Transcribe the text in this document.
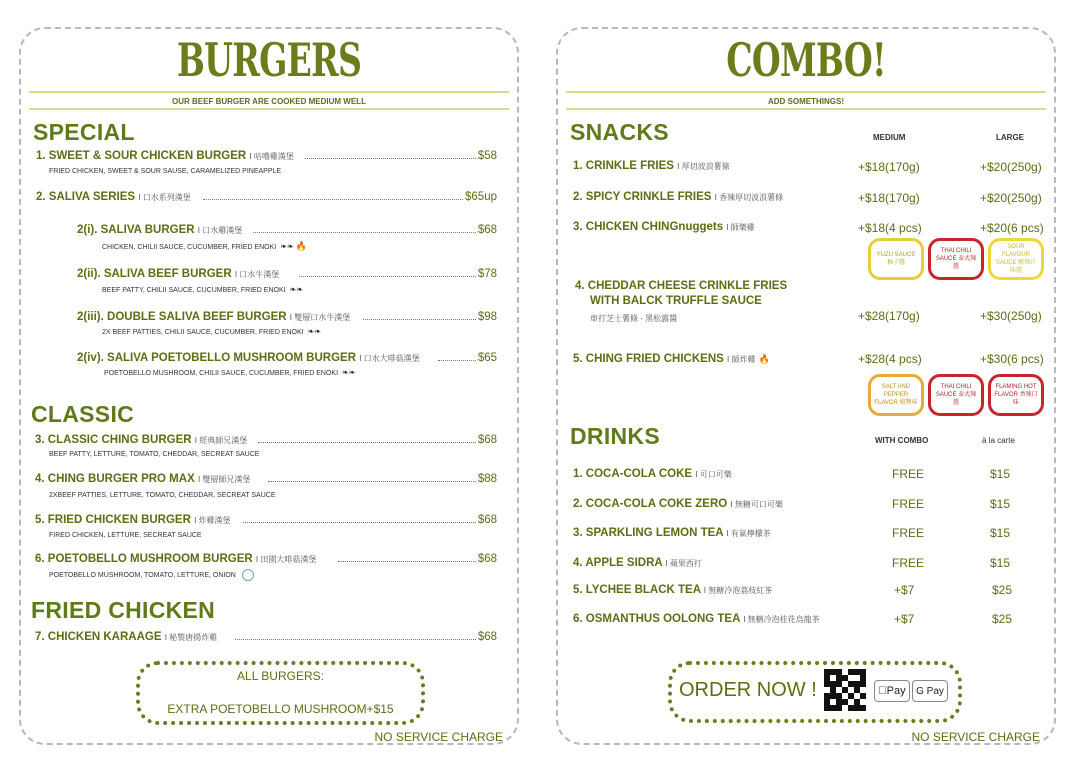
BURGERS
OUR BEEF BURGER ARE COOKED MEDIUM WELL
SPECIAL
1. SWEET & SOUR CHICKEN BURGER I 咕嚕雞漢堡	$58
FRIED CHICKEN, SWEET & SOUR SAUSE, CARAMELIZED PINEAPPLE
2. SALIVA SERIES I 口水系列漢堡	$65up
2(i). SALIVA BURGER I 口水雞漢堡	$68
CHICKEN, CHILII SAUCE, CUCUMBER, FRIED ENOKI ❧❧ 🔥
2(ii). SALIVA BEEF BURGER I 口水牛漢堡	$78
BEEF PATTY, CHILII SAUCE, CUCUMBER, FRIED ENOKI ❧❧
2(iii). DOUBLE SALIVA BEEF BURGER I 雙層口水牛漢堡	$98
2X BEEF PATTIES, CHILII SAUCE, CUCUMBER, FRIED ENOKI ❧❧
2(iv). SALIVA POETOBELLO MUSHROOM BURGER I 口水大啡菇漢堡	$65
POETOBELLO MUSHROOM, CHILII SAUCE, CUCUMBER, FRIED ENOKI ❧❧
CLASSIC
3. CLASSIC CHING BURGER I 經典師兄漢堡	$68
BEEF PATTY, LETTURE, TOMATO, CHEDDAR, SECREAT SAUCE
4. CHING BURGER PRO MAX I 雙層師兄漢堡	$88
2XBEEF PATTIES, LETTURE, TOMATO, CHEDDAR, SECREAT SAUCE
5. FRIED CHICKEN BURGER I 炸雞漢堡	$68
FIRED CHICKEN, LETTURE, SECREAT SAUCE
6. POETOBELLO MUSHROOM BURGER I 田園大啡菇漢堡	$68
POETOBELLO MUSHROOM, TOMATO, LETTURE, ONION
FRIED CHICKEN
7. CHICKEN KARAAGE I 秘製唐揚炸雞	$68
ALL BURGERS:
EXTRA POETOBELLO MUSHROOM+$15
NO SERVICE CHARGE
COMBO!
ADD SOMETHINGS!
SNACKS	MEDIUM	LARGE
1. CRINKLE FRIES I 厚切波浪薯條	+$18(170g)	+$20(250g)
2. SPICY CRINKLE FRIES I 香辣厚切波浪薯條	+$18(170g)	+$20(250g)
3. CHICKEN CHINGnuggets I 師樂雞	+$18(4 pcs)	+$20(6 pcs)
YUZU SAUCE 柚子醬
THAI CHILI SAUCE 泰式辣醬
SOUR FLAVOUR SAUCE 酸辣汁味醬
4. CHEDDAR CHEESE CRINKLE FRIES
WITH BALCK TRUFFLE SAUCE
車打芝士薯條 - 黑松露醬	+$28(170g)	+$30(250g)
5. CHING FRIED CHICKENS I 師炸雞 🔥	+$28(4 pcs)	+$30(6 pcs)
SALT AND PEPPER FLAVOR 椒鹽味
THAI CHILI SAUCE 泰式辣醬
FLAMING HOT FLAVOR 香辣口味
DRINKS	WITH COMBO	à la carte
1. COCA-COLA COKE I 可口可樂	FREE	$15
2. COCA-COLA COKE ZERO I 無糖可口可樂	FREE	$15
3. SPARKLING LEMON TEA I 有氣檸檬茶	FREE	$15
4. APPLE SIDRA I 蘋果西打	FREE	$15
5. LYCHEE BLACK TEA I 無糖冷泡荔枝紅茶	+$7	$25
6. OSMANTHUS OOLONG TEA I 無糖冷泡桂花烏龍茶	+$7	$25
ORDER NOW !	Pay	G Pay
NO SERVICE CHARGE
